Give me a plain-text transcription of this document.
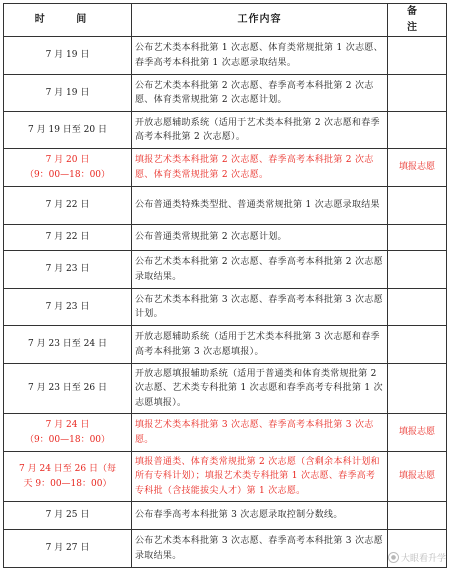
时 间	工作内容	备 注

7 月 19 日	公布艺术类本科批第 1 次志愿、体育类常规批第 1 次志愿、春季高考本科批第 1 次志愿录取结果。	

7 月 19 日	公布艺术类本科批第 2 次志愿、春季高考本科批第 2 次志愿、体育类常规批第 2 次志愿计划。	

7 月 19 日至 20 日	开放志愿辅助系统（适用于艺术类本科批第 2 次志愿和春季高考本科批第 2 次志愿）。	

7 月 20 日
（9：00—18：00）	填报艺术类本科批第 2 次志愿、春季高考本科批第 2 次志愿、体育类常规批第 2 次志愿。	填报志愿

7 月 22 日	公布普通类特殊类型批、普通类常规批第 1 次志愿录取结果	

7 月 22 日	公布普通类常规批第 2 次志愿计划。	

7 月 23 日	公布艺术类本科批第 2 次志愿、春季高考本科批第 2 次志愿录取结果。	

7 月 23 日	公布艺术类本科批第 3 次志愿、春季高考本科批第 3 次志愿计划。	

7 月 23 日至 24 日	开放志愿辅助系统（适用于艺术类本科批第 3 次志愿和春季高考本科批第 3 次志愿填报）。	

7 月 23 日至 26 日	开放志愿填报辅助系统（适用于普通类和体育类常规批第 2 次志愿、艺术类专科批第 1 次志愿和春季高考专科批第 1 次志愿填报）。	

7 月 24 日
（9：00—18：00）	填报艺术类本科批第 3 次志愿、春季高考本科批第 3 次志愿。	填报志愿

7 月 24 日至 26 日（每
天 9：00—18：00）	填报普通类、体育类常规批第 2 次志愿（含剩余本科计划和所有专科计划）；填报艺术类专科批第 1 次志愿、春季高考专科批（含技能拔尖人才）第 1 次志愿。	填报志愿

7 月 25 日	公布春季高考本科批第 3 次志愿录取控制分数线。	

7 月 27 日	公布艺术类本科批第 3 次志愿、春季高考本科批第 3 次志愿录取结果。		● 大眼看升学
